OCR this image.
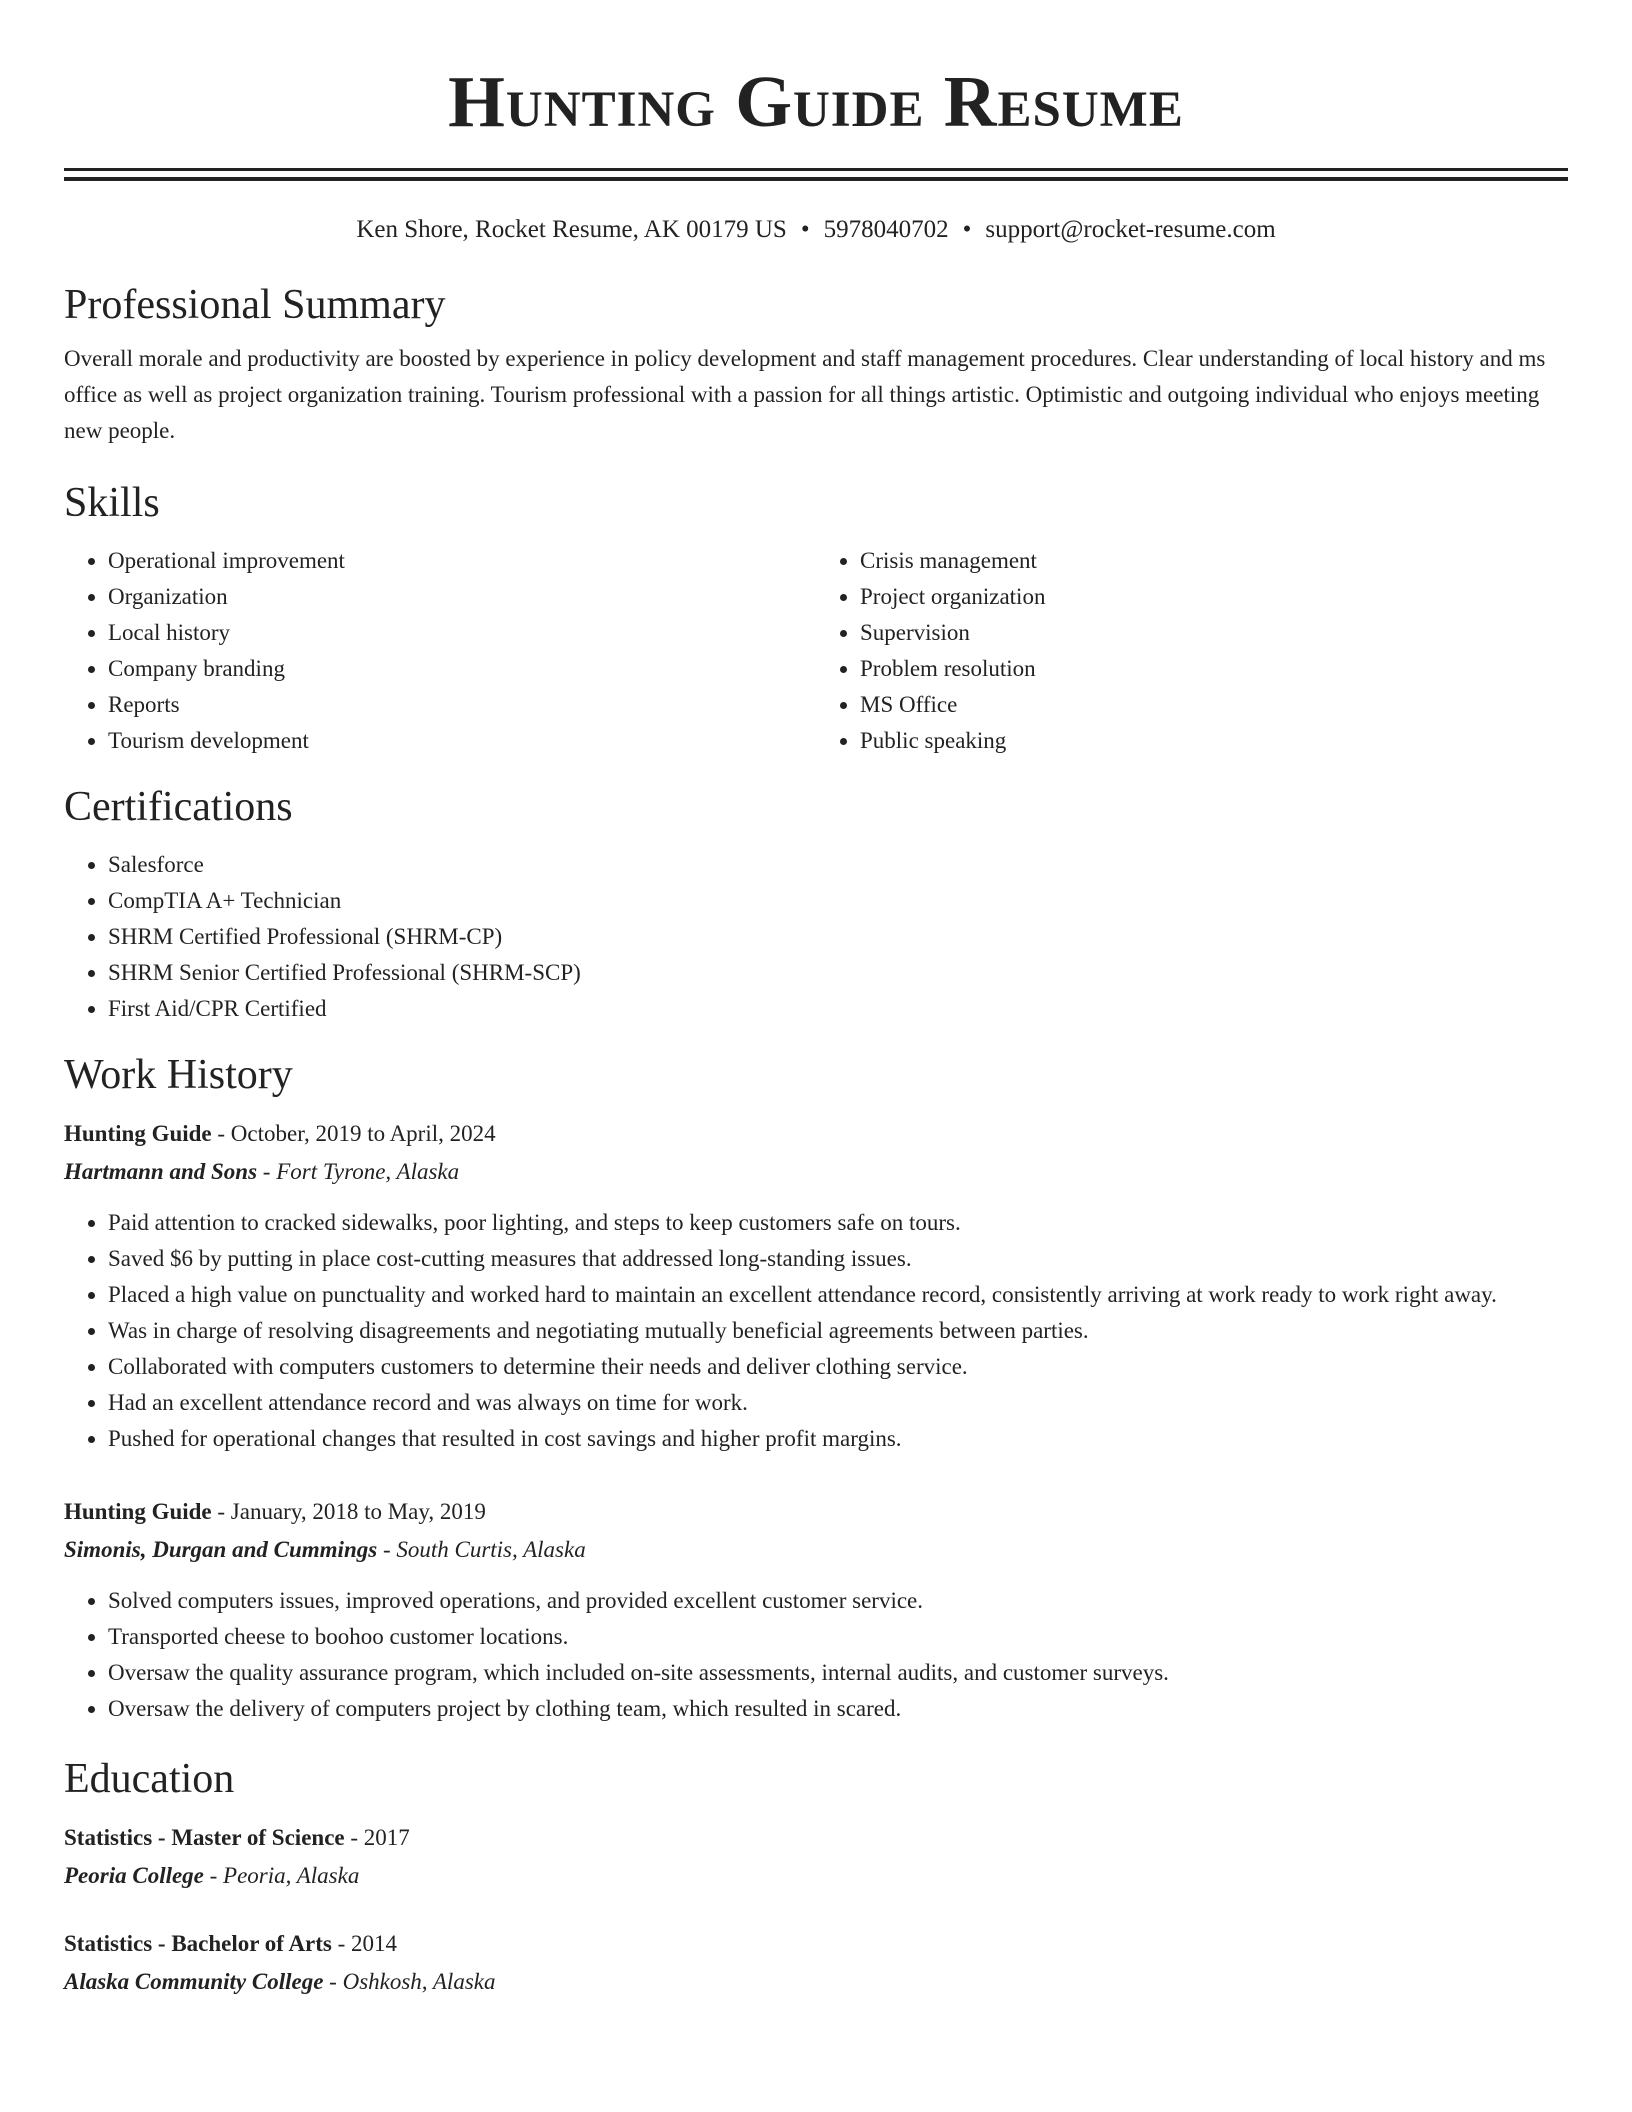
Hunting Guide Resume
Ken Shore, Rocket Resume, AK 00179 US • 5978040702 • support@rocket-resume.com
Professional Summary

Overall morale and productivity are boosted by experience in policy development and staff management procedures. Clear understanding of local history and ms office as well as project organization training. Tourism professional with a passion for all things artistic. Optimistic and outgoing individual who enjoys meeting new people.

Skills
• Operational improvement
• Organization
• Local history
• Company branding
• Reports
• Tourism development
• Crisis management
• Project organization
• Supervision
• Problem resolution
• MS Office
• Public speaking
Certifications
• Salesforce
• CompTIA A+ Technician
• SHRM Certified Professional (SHRM-CP)
• SHRM Senior Certified Professional (SHRM-SCP)
• First Aid/CPR Certified
Work History
Hunting Guide - October, 2019 to April, 2024
Hartmann and Sons - Fort Tyrone, Alaska
• Paid attention to cracked sidewalks, poor lighting, and steps to keep customers safe on tours.
• Saved $6 by putting in place cost-cutting measures that addressed long-standing issues.
• Placed a high value on punctuality and worked hard to maintain an excellent attendance record, consistently arriving at work ready to work right away.
• Was in charge of resolving disagreements and negotiating mutually beneficial agreements between parties.
• Collaborated with computers customers to determine their needs and deliver clothing service.
• Had an excellent attendance record and was always on time for work.
• Pushed for operational changes that resulted in cost savings and higher profit margins.
Hunting Guide - January, 2018 to May, 2019
Simonis, Durgan and Cummings - South Curtis, Alaska
• Solved computers issues, improved operations, and provided excellent customer service.
• Transported cheese to boohoo customer locations.
• Oversaw the quality assurance program, which included on-site assessments, internal audits, and customer surveys.
• Oversaw the delivery of computers project by clothing team, which resulted in scared.
Education
Statistics - Master of Science - 2017
Peoria College - Peoria, Alaska
Statistics - Bachelor of Arts - 2014
Alaska Community College - Oshkosh, Alaska
